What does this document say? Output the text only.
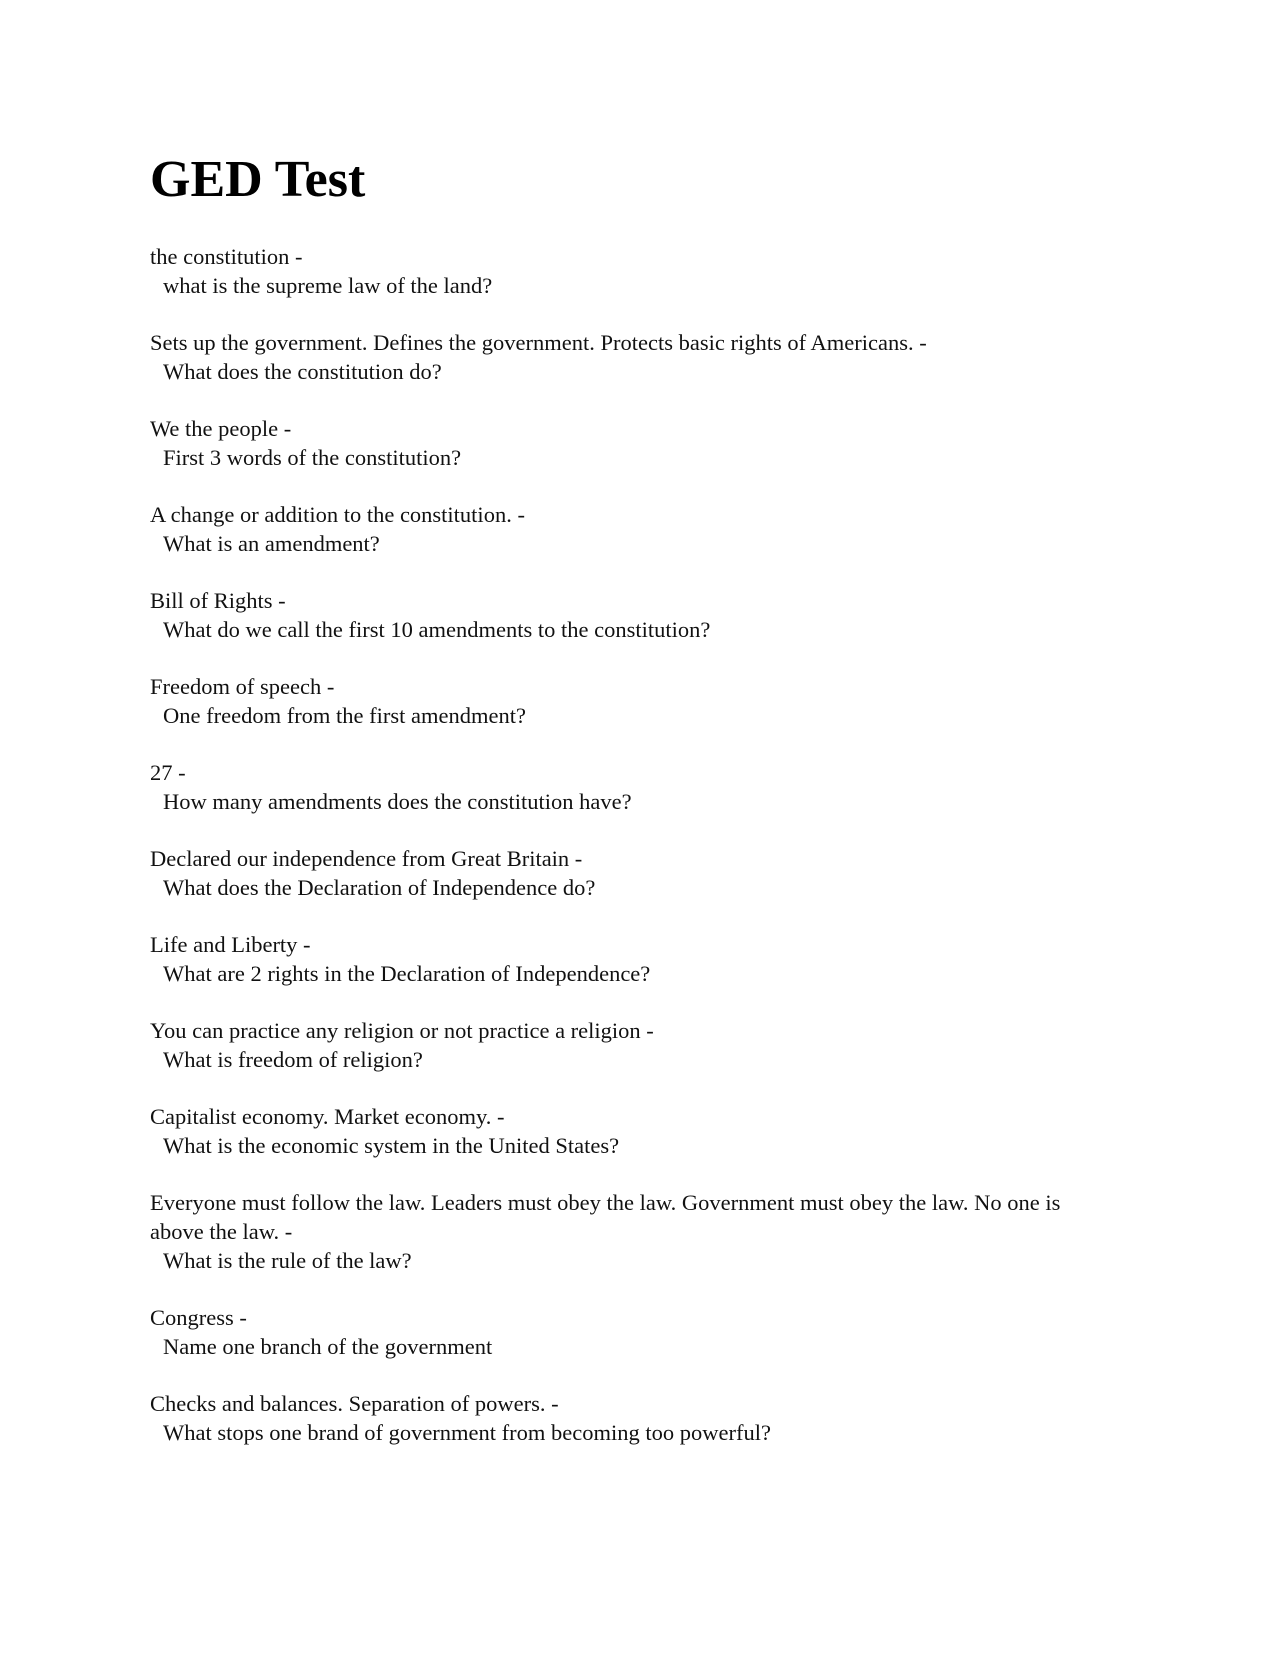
GED Test
the constitution -
what is the supreme law of the land?
Sets up the government. Defines the government. Protects basic rights of Americans. -
What does the constitution do?
We the people -
First 3 words of the constitution?
A change or addition to the constitution. -
What is an amendment?
Bill of Rights -
What do we call the first 10 amendments to the constitution?
Freedom of speech -
One freedom from the first amendment?
27 -
How many amendments does the constitution have?
Declared our independence from Great Britain -
What does the Declaration of Independence do?
Life and Liberty -
What are 2 rights in the Declaration of Independence?
You can practice any religion or not practice a religion -
What is freedom of religion?
Capitalist economy. Market economy. -
What is the economic system in the United States?
Everyone must follow the law. Leaders must obey the law. Government must obey the law. No one is above the law. -
What is the rule of the law?
Congress -
Name one branch of the government
Checks and balances. Separation of powers. -
What stops one brand of government from becoming too powerful?
